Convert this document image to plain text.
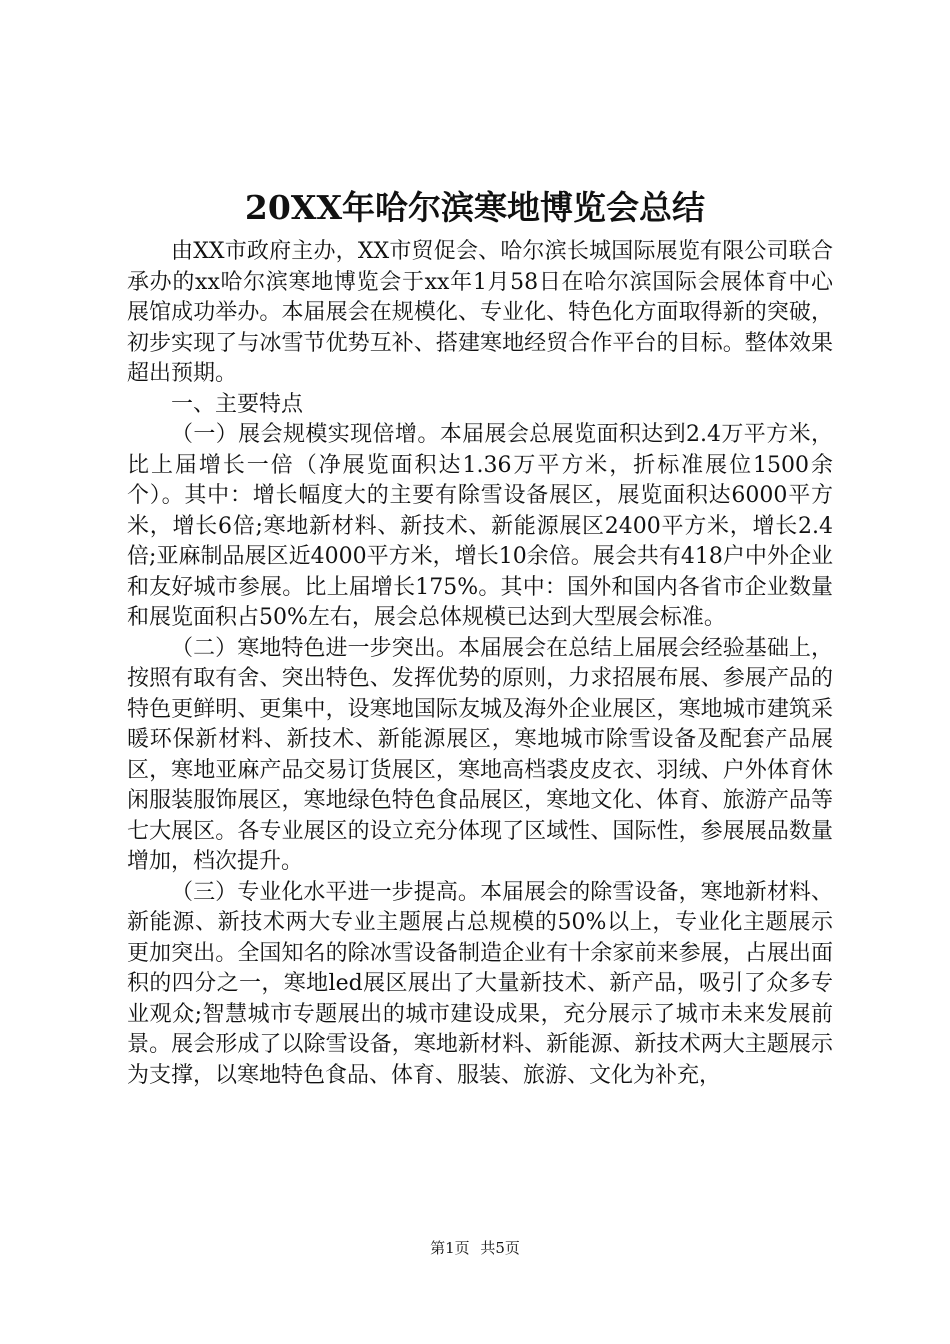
20XX年哈尔滨寒地博览会总结

由XX市政府主办，XX市贸促会、哈尔滨长城国际展览有限公司联合承办的xx哈尔滨寒地博览会于xx年1月58日在哈尔滨国际会展体育中心展馆成功举办。本届展会在规模化、专业化、特色化方面取得新的突破，初步实现了与冰雪节优势互补、搭建寒地经贸合作平台的目标。整体效果超出预期。

一、主要特点

（一）展会规模实现倍增。本届展会总展览面积达到2.4万平方米，比上届增长一倍（净展览面积达1.36万平方米，折标准展位1500余个）。其中：增长幅度大的主要有除雪设备展区，展览面积达6000平方米，增长6倍;寒地新材料、新技术、新能源展区2400平方米，增长2.4倍;亚麻制品展区近4000平方米，增长10余倍。展会共有418户中外企业和友好城市参展。比上届增长175%。其中：国外和国内各省市企业数量和展览面积占50%左右，展会总体规模已达到大型展会标准。

（二）寒地特色进一步突出。本届展会在总结上届展会经验基础上，按照有取有舍、突出特色、发挥优势的原则，力求招展布展、参展产品的特色更鲜明、更集中，设寒地国际友城及海外企业展区，寒地城市建筑采暖环保新材料、新技术、新能源展区，寒地城市除雪设备及配套产品展区，寒地亚麻产品交易订货展区，寒地高档裘皮皮衣、羽绒、户外体育休闲服装服饰展区，寒地绿色特色食品展区，寒地文化、体育、旅游产品等七大展区。各专业展区的设立充分体现了区域性、国际性，参展展品数量增加，档次提升。

（三）专业化水平进一步提高。本届展会的除雪设备，寒地新材料、新能源、新技术两大专业主题展占总规模的50%以上，专业化主题展示更加突出。全国知名的除冰雪设备制造企业有十余家前来参展，占展出面积的四分之一，寒地led展区展出了大量新技术、新产品，吸引了众多专业观众;智慧城市专题展出的城市建设成果，充分展示了城市未来发展前景。展会形成了以除雪设备，寒地新材料、新能源、新技术两大主题展示为支撑，以寒地特色食品、体育、服装、旅游、文化为补充，

第1页 共5页
